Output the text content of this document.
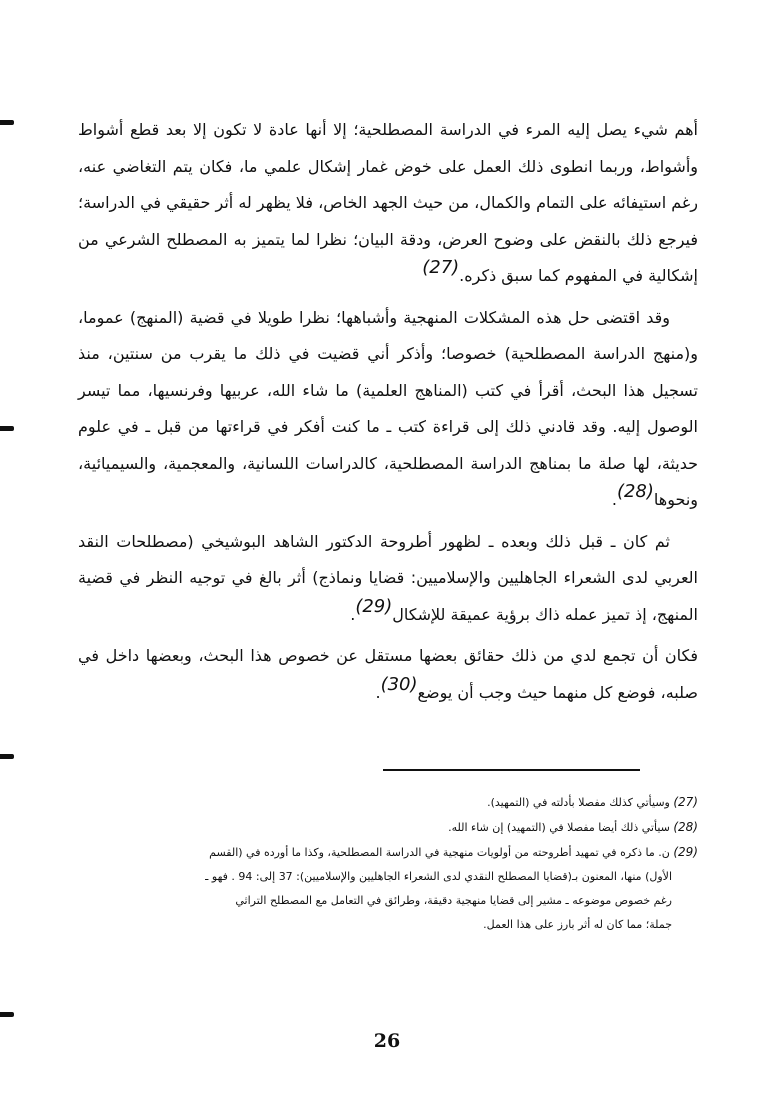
أهم شيء يصل إليه المرء في الدراسة المصطلحية؛ إلا أنها عادة لا تكون إلا بعد قطع أشواط وأشواط، وربما انطوى ذلك العمل على خوض غمار إشكال علمي ما، فكان يتم التغاضي عنه، رغم استيفائه على التمام والكمال، من حيث الجهد الخاص، فلا يظهر له أثر حقيقي في الدراسة؛ فيرجع ذلك بالنقض على وضوح العرض، ودقة البيان؛ نظرا لما يتميز به المصطلح الشرعي من إشكالية في المفهوم كما سبق ذكره.(27)

وقد اقتضى حل هذه المشكلات المنهجية وأشباهها؛ نظرا طويلا في قضية (المنهج) عموما، و(منهج الدراسة المصطلحية) خصوصا؛ وأذكر أني قضيت في ذلك ما يقرب من سنتين، منذ تسجيل هذا البحث، أقرأ في كتب (المناهج العلمية) ما شاء الله، عربيها وفرنسيها، مما تيسر الوصول إليه. وقد قادني ذلك إلى قراءة كتب ـ ما كنت أفكر في قراءتها من قبل ـ في علوم حديثة، لها صلة ما بمناهج الدراسة المصطلحية، كالدراسات اللسانية، والمعجمية، والسيميائية، ونحوها(28).

ثم كان ـ قبل ذلك وبعده ـ لظهور أطروحة الدكتور الشاهد البوشيخي (مصطلحات النقد العربي لدى الشعراء الجاهليين والإسلاميين: قضايا ونماذج) أثر بالغ في توجيه النظر في قضية المنهج، إذ تميز عمله ذاك برؤية عميقة للإشكال(29).

فكان أن تجمع لدي من ذلك حقائق بعضها مستقل عن خصوص هذا البحث، وبعضها داخل في صلبه، فوضع كل منهما حيث وجب أن يوضع(30).

(27) وسيأتي كذلك مفصلا بأدلته في (التمهيد).

(28) سيأتي ذلك أيضا مفصلا في (التمهيد) إن شاء الله.

(29) ن. ما ذكره في تمهيد أطروحته من أولويات منهجية في الدراسة المصطلحية، وكذا ما أورده في (القسم

الأول) منها، المعنون بـ(قضايا المصطلح النقدي لدى الشعراء الجاهليين والإسلاميين): 37 إلى: 94 . فهو ـ

رغم خصوص موضوعه ـ مشير إلى قضايا منهجية دقيقة، وطرائق في التعامل مع المصطلح التراثي

جملة؛ مما كان له أثر بارز على هذا العمل.

26
